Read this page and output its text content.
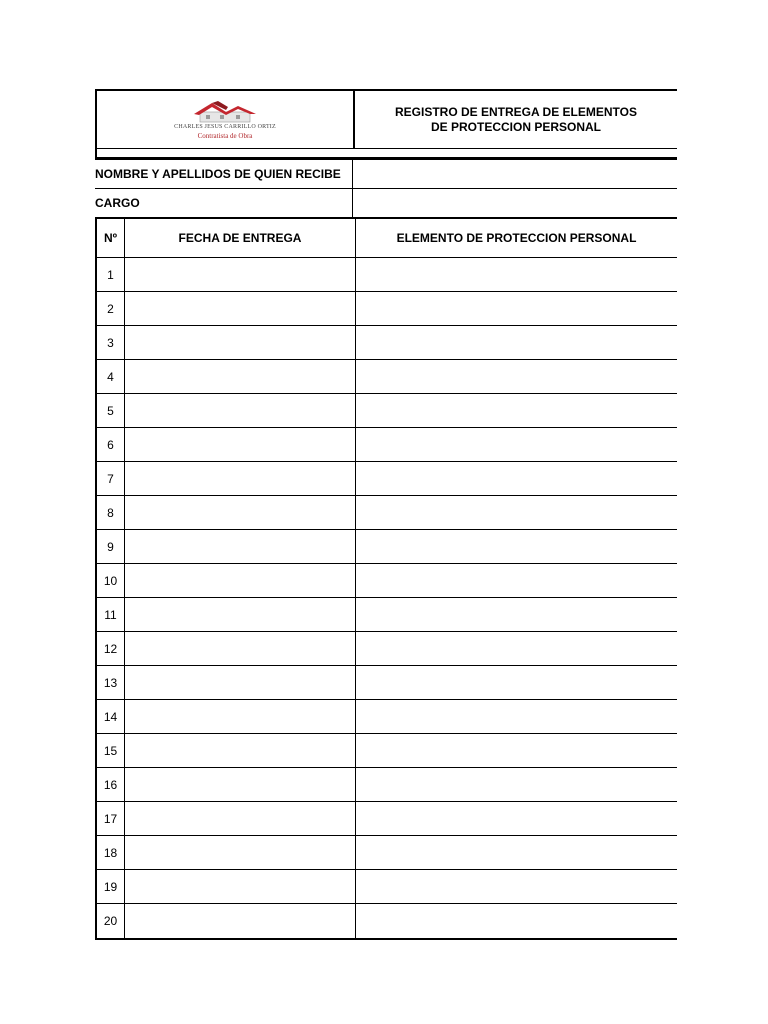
CHARLES JESUS CARRILLO ORTIZ
Contratista de Obra
REGISTRO DE ENTREGA DE ELEMENTOS
DE PROTECCION PERSONAL
NOMBRE Y APELLIDOS DE QUIEN RECIBE
CARGO
Nº	FECHA DE ENTREGA	ELEMENTO DE PROTECCION PERSONAL
1
2
3
4
5
6
7
8
9
10
11
12
13
14
15
16
17
18
19
20
